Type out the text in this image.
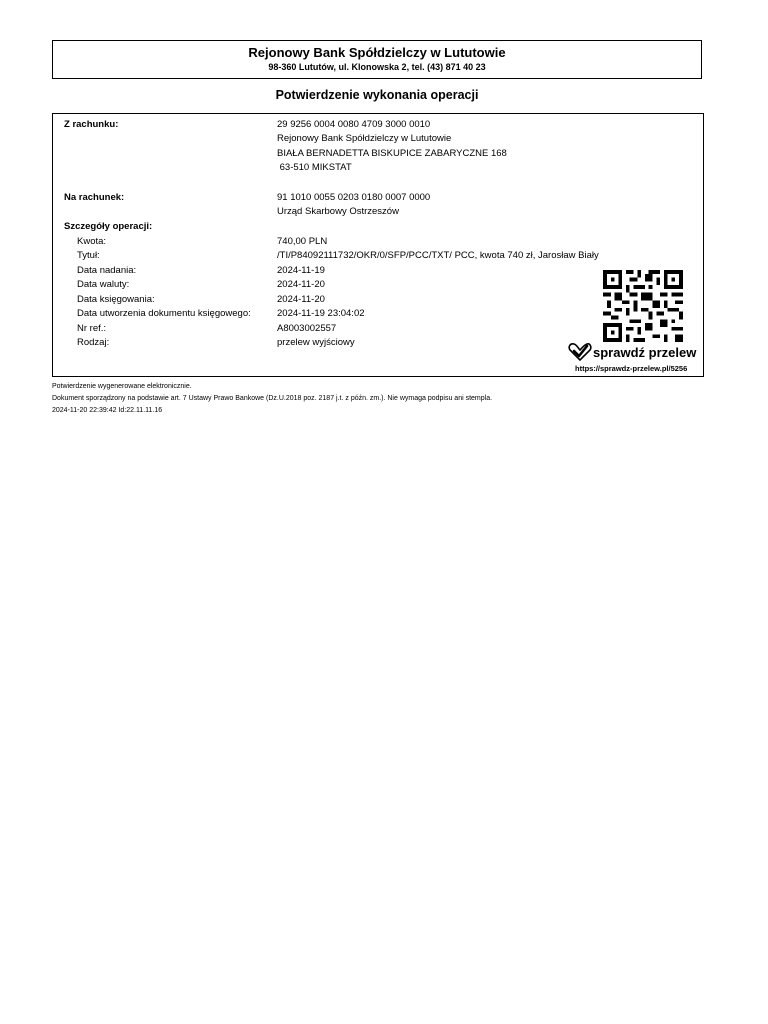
Rejonowy Bank Spółdzielczy w Lututowie
98-360 Lututów, ul. Klonowska 2, tel. (43) 871 40 23
Potwierdzenie wykonania operacji
Z rachunku:	29 9256 0004 0080 4709 3000 0010
Rejonowy Bank Spółdzielczy w Lututowie
BIAŁA BERNADETTA BISKUPICE ZABARYCZNE 168
63-510 MIKSTAT
Na rachunek:	91 1010 0055 0203 0180 0007 0000
Urząd Skarbowy Ostrzeszów
Szczegóły operacji:
Kwota:	740,00 PLN
Tytuł:	/TI/P84092111732/OKR/0/SFP/PCC/TXT/ PCC, kwota 740 zł, Jarosław Biały
Data nadania:	2024-11-19
Data waluty:	2024-11-20
Data księgowania:	2024-11-20
Data utworzenia dokumentu księgowego:	2024-11-19 23:04:02
Nr ref.:	A8003002557
Rodzaj:	przelew wyjściowy
sprawdź przelew
https://sprawdz-przelew.pl/5256
Potwierdzenie wygenerowane elektronicznie.
Dokument sporządzony na podstawie art. 7 Ustawy Prawo Bankowe (Dz.U.2018 poz. 2187 j.t. z późn. zm.). Nie wymaga podpisu ani stempla.
2024-11-20 22:39:42 Id:22.11.11.16
